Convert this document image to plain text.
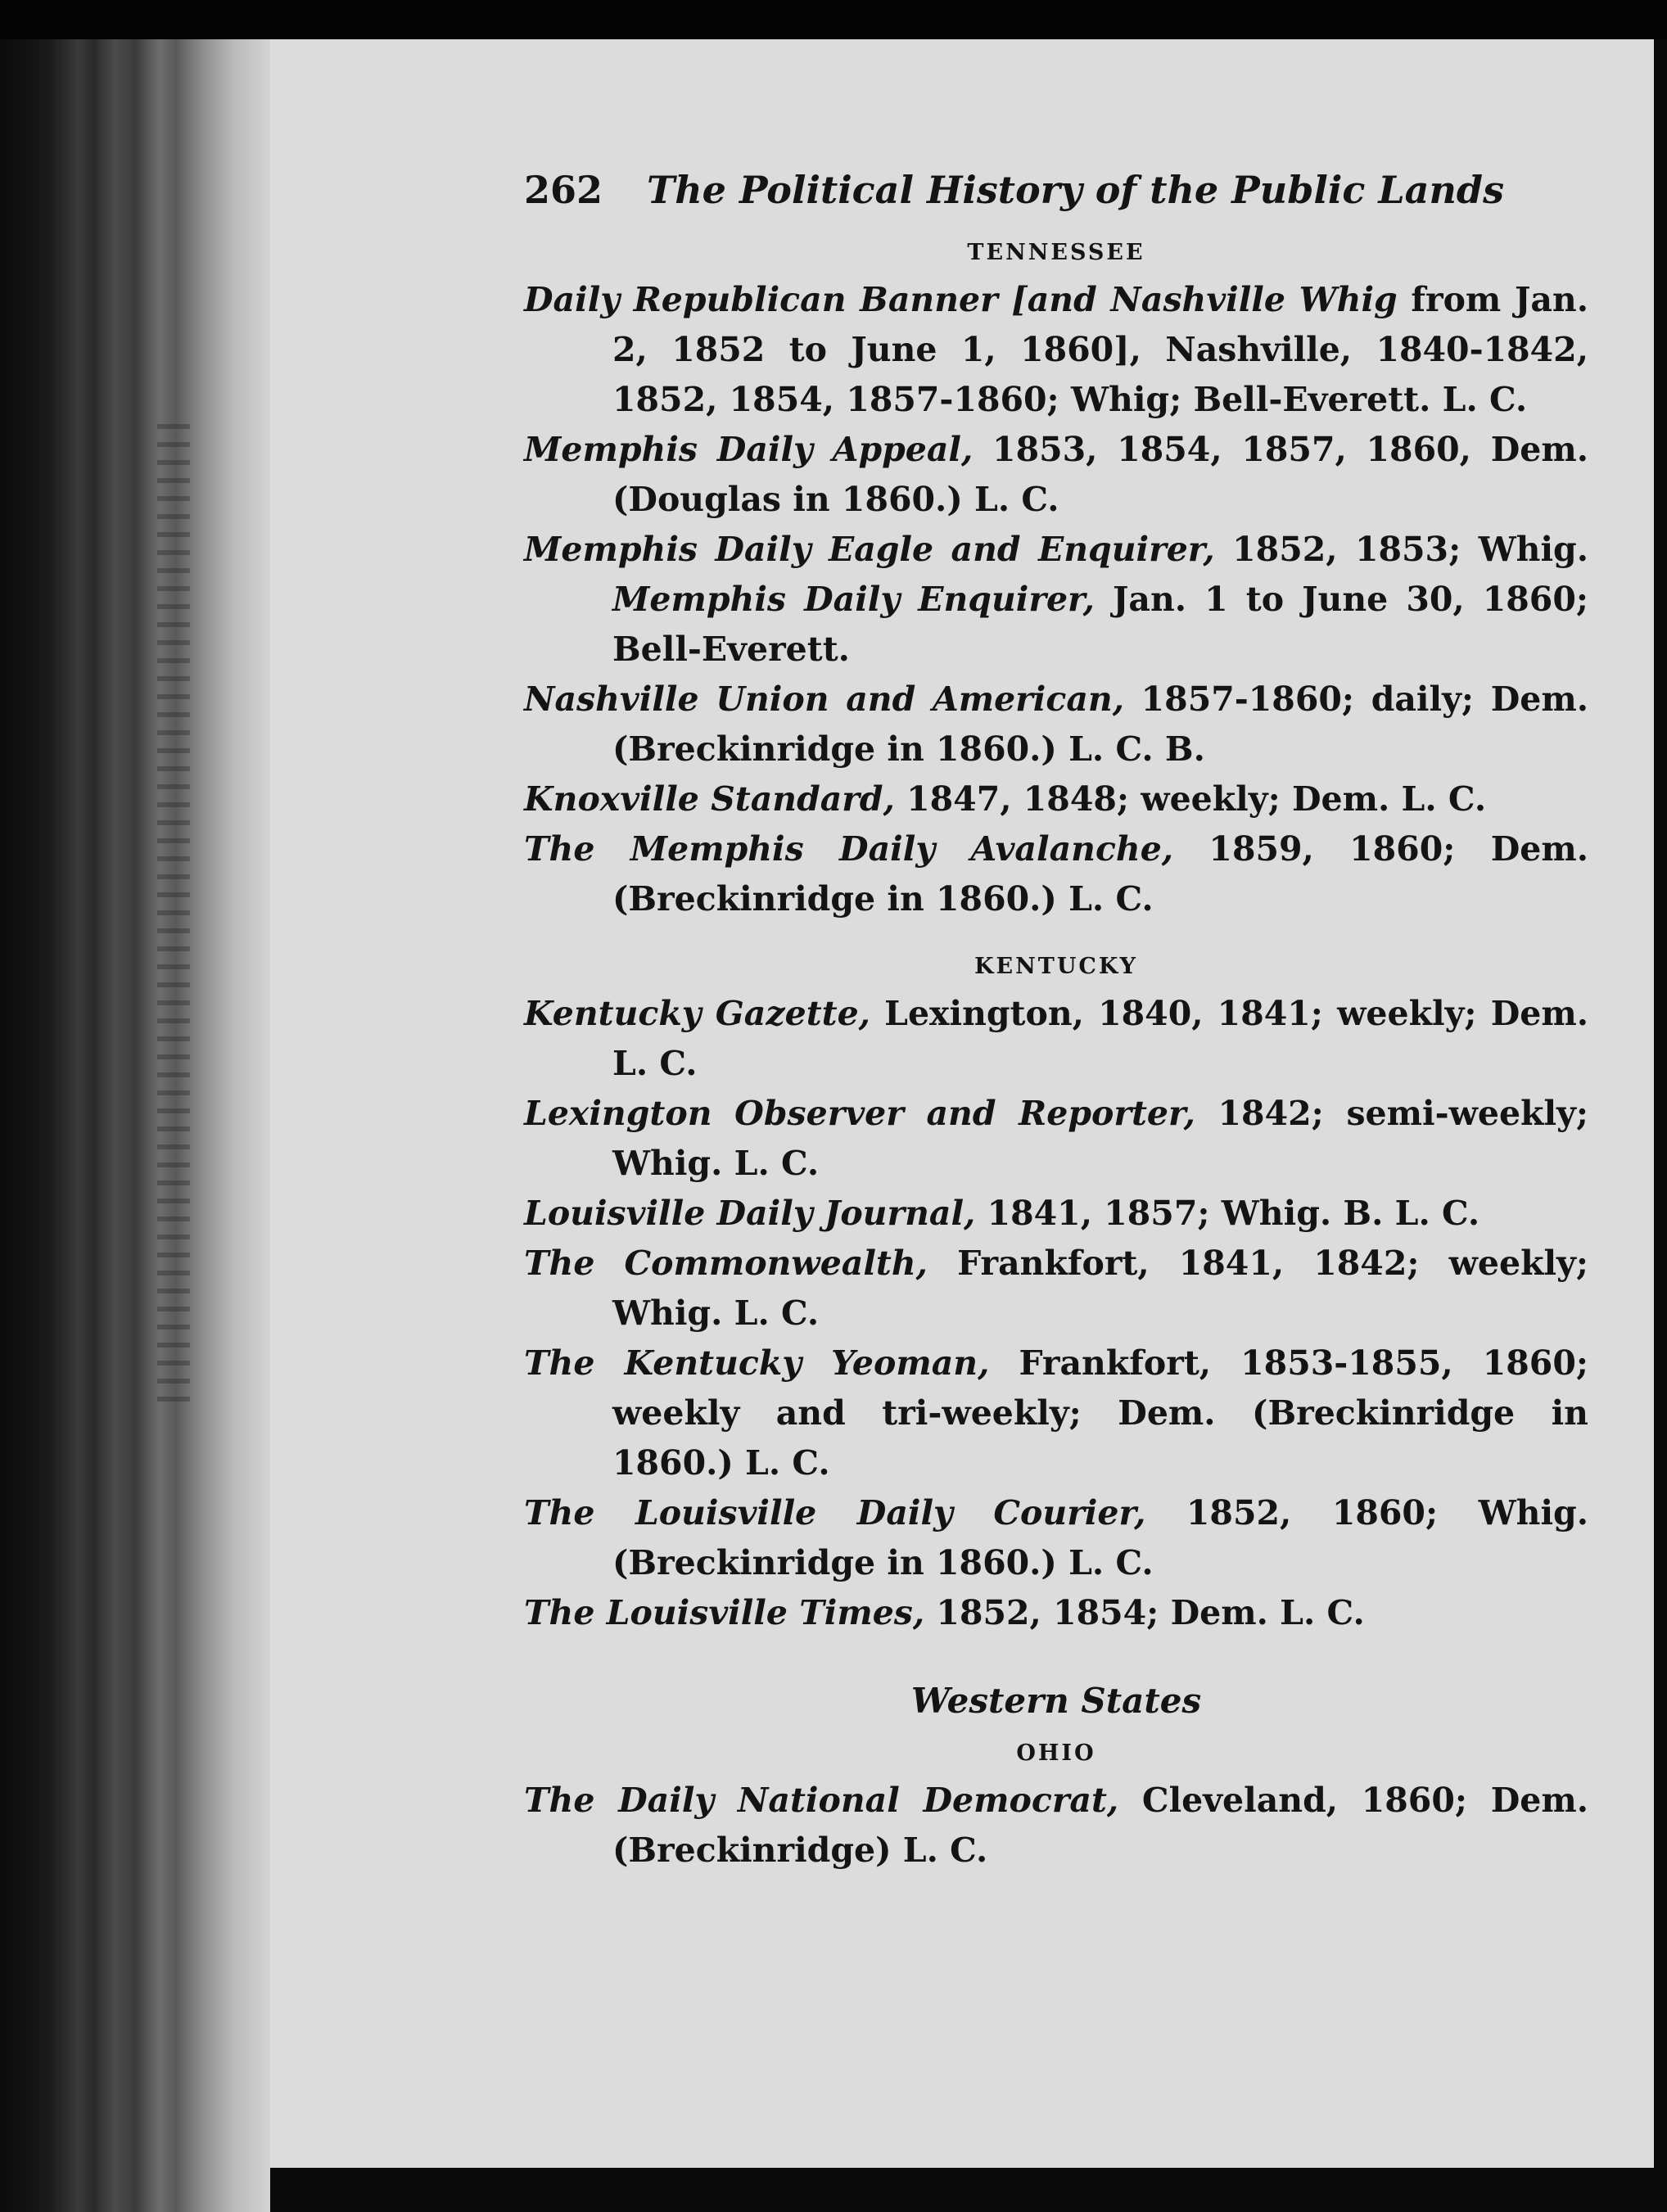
262	The Political History of the Public Lands
TENNESSEE
Daily Republican Banner [and Nashville Whig from Jan. 2, 1852 to June 1, 1860], Nashville, 1840-1842, 1852, 1854, 1857-1860; Whig; Bell-Everett. L. C.
Memphis Daily Appeal, 1853, 1854, 1857, 1860, Dem. (Douglas in 1860.) L. C.
Memphis Daily Eagle and Enquirer, 1852, 1853; Whig. Memphis Daily Enquirer, Jan. 1 to June 30, 1860; Bell-Everett.
Nashville Union and American, 1857-1860; daily; Dem. (Breckinridge in 1860.) L. C. B.
Knoxville Standard, 1847, 1848; weekly; Dem. L. C.
The Memphis Daily Avalanche, 1859, 1860; Dem. (Breckinridge in 1860.) L. C.
KENTUCKY
Kentucky Gazette, Lexington, 1840, 1841; weekly; Dem. L. C.
Lexington Observer and Reporter, 1842; semi-weekly; Whig. L. C.
Louisville Daily Journal, 1841, 1857; Whig. B. L. C.
The Commonwealth, Frankfort, 1841, 1842; weekly; Whig. L. C.
The Kentucky Yeoman, Frankfort, 1853-1855, 1860; weekly and tri-weekly; Dem. (Breckinridge in 1860.) L. C.
The Louisville Daily Courier, 1852, 1860; Whig. (Breckinridge in 1860.) L. C.
The Louisville Times, 1852, 1854; Dem. L. C.
Western States
OHIO
The Daily National Democrat, Cleveland, 1860; Dem. (Breckinridge) L. C.
